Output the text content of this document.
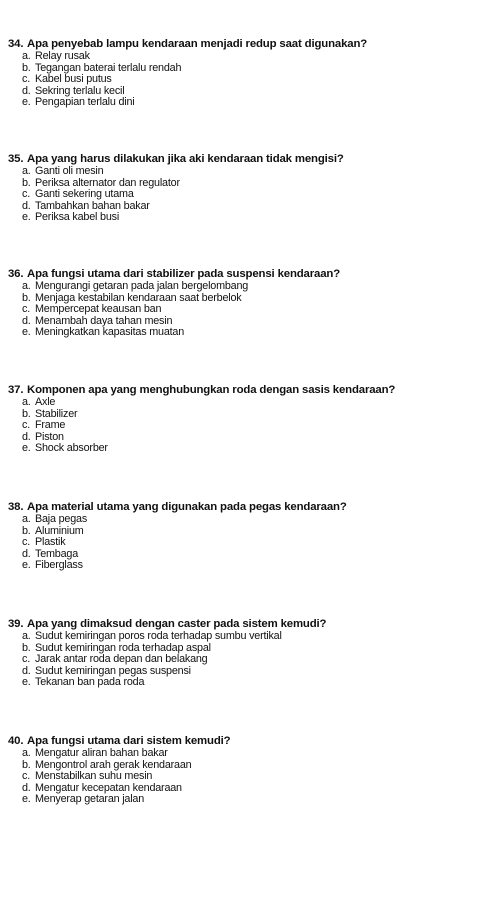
34. Apa penyebab lampu kendaraan menjadi redup saat digunakan?
a. Relay rusak
b. Tegangan baterai terlalu rendah
c. Kabel busi putus
d. Sekring terlalu kecil
e. Pengapian terlalu dini
35. Apa yang harus dilakukan jika aki kendaraan tidak mengisi?
a. Ganti oli mesin
b. Periksa alternator dan regulator
c. Ganti sekering utama
d. Tambahkan bahan bakar
e. Periksa kabel busi
36. Apa fungsi utama dari stabilizer pada suspensi kendaraan?
a. Mengurangi getaran pada jalan bergelombang
b. Menjaga kestabilan kendaraan saat berbelok
c. Mempercepat keausan ban
d. Menambah daya tahan mesin
e. Meningkatkan kapasitas muatan
37. Komponen apa yang menghubungkan roda dengan sasis kendaraan?
a. Axle
b. Stabilizer
c. Frame
d. Piston
e. Shock absorber
38. Apa material utama yang digunakan pada pegas kendaraan?
a. Baja pegas
b. Aluminium
c. Plastik
d. Tembaga
e. Fiberglass
39. Apa yang dimaksud dengan caster pada sistem kemudi?
a. Sudut kemiringan poros roda terhadap sumbu vertikal
b. Sudut kemiringan roda terhadap aspal
c. Jarak antar roda depan dan belakang
d. Sudut kemiringan pegas suspensi
e. Tekanan ban pada roda
40. Apa fungsi utama dari sistem kemudi?
a. Mengatur aliran bahan bakar
b. Mengontrol arah gerak kendaraan
c. Menstabilkan suhu mesin
d. Mengatur kecepatan kendaraan
e. Menyerap getaran jalan
